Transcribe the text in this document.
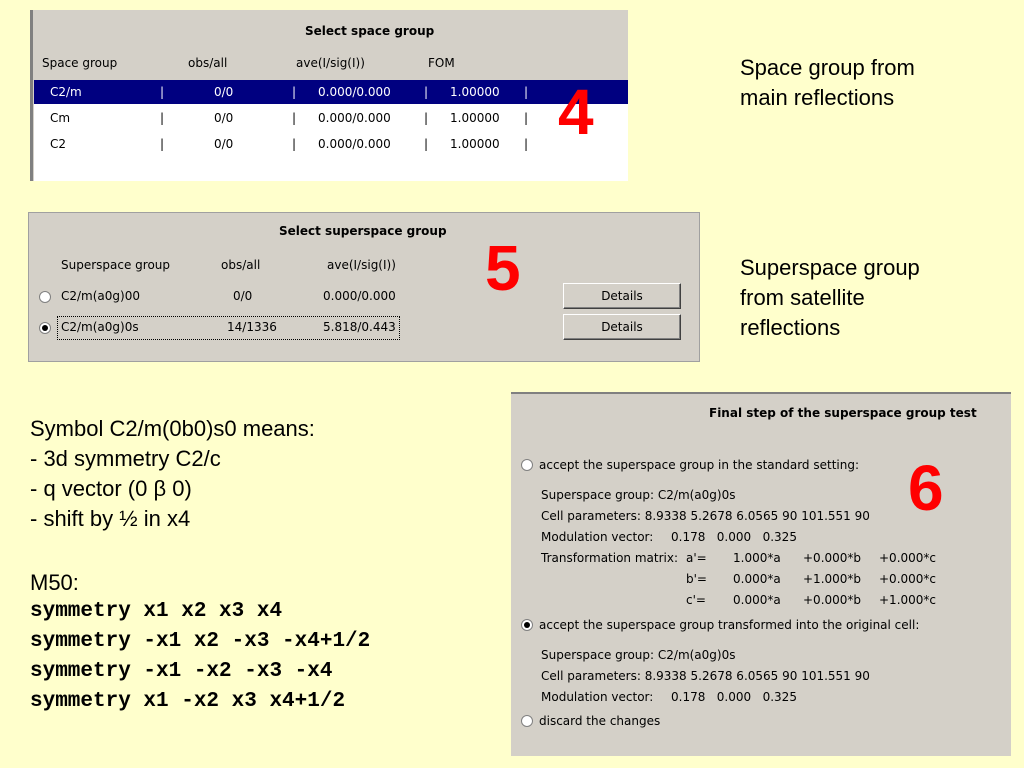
Select space group
Space group	obs/all	ave(I/sig(I))	FOM
C2/m	|	0/0	| 0.000/0.000	| 1.00000 |
Cm	|	0/0	| 0.000/0.000	| 1.00000 |
C2	|	0/0	| 0.000/0.000	| 1.00000 | 4
Space group from
main reflections
Select superspace group
Superspace group	obs/all	ave(I/sig(I))
C2/m(a0g)00	0/0	0.000/0.000	Details
C2/m(a0g)0s	14/1336	5.818/0.443	Details
5	Superspace group
from satellite
reflections
Symbol C2/m(0b0)s0 means:
- 3d symmetry C2/c
- q vector (0 β 0)
- shift by ½ in x4
M50:
symmetry x1 x2 x3 x4
symmetry -x1 x2 -x3 -x4+1/2
symmetry -x1 -x2 -x3 -x4
symmetry x1 -x2 x3 x4+1/2
Final step of the superspace group test
accept the superspace group in the standard setting:
Superspace group: C2/m(a0g)0s
Cell parameters: 8.9338 5.2678 6.0565 90 101.551 90
Modulation vector: 0.178   0.000   0.325
Transformation matrix: a'= 1.000*a +0.000*b +0.000*c
b'= 0.000*a +1.000*b +0.000*c
c'= 0.000*a +0.000*b +1.000*c
accept the superspace group transformed into the original cell:
Superspace group: C2/m(a0g)0s
Cell parameters: 8.9338 5.2678 6.0565 90 101.551 90
Modulation vector: 0.178   0.000   0.325
discard the changes
6
